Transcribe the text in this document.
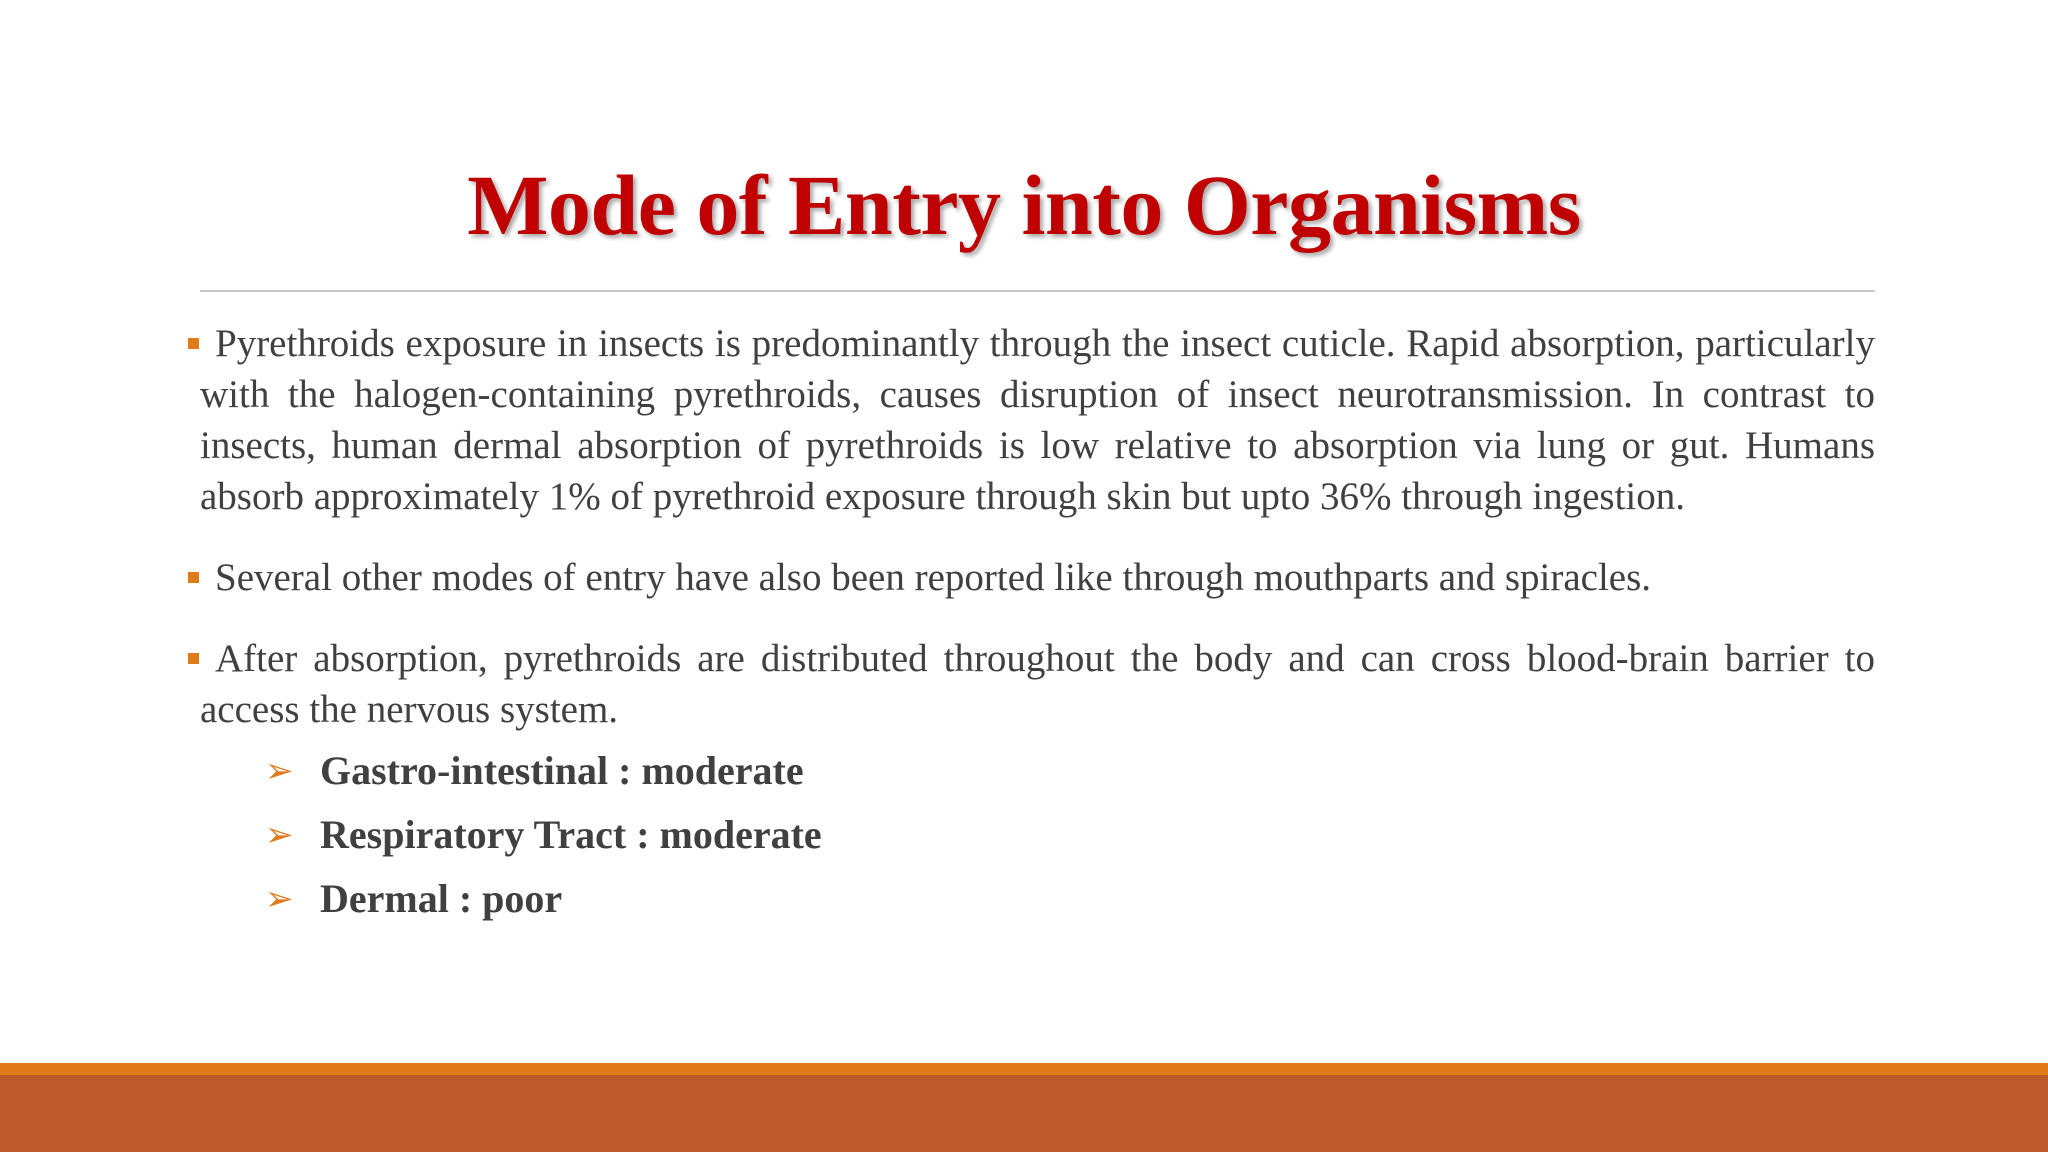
Mode of Entry into Organisms
Pyrethroids exposure in insects is predominantly through the insect cuticle. Rapid absorption, particularly with the halogen-containing pyrethroids, causes disruption of insect neurotransmission. In contrast to insects, human dermal absorption of pyrethroids is low relative to absorption via lung or gut. Humans absorb approximately 1% of pyrethroid exposure through skin but upto 36% through ingestion.
Several other modes of entry have also been reported like through mouthparts and spiracles.
After absorption, pyrethroids are distributed throughout the body and can cross blood-brain barrier to access the nervous system.
➢ Gastro-intestinal : moderate
➢ Respiratory Tract : moderate
➢ Dermal : poor
